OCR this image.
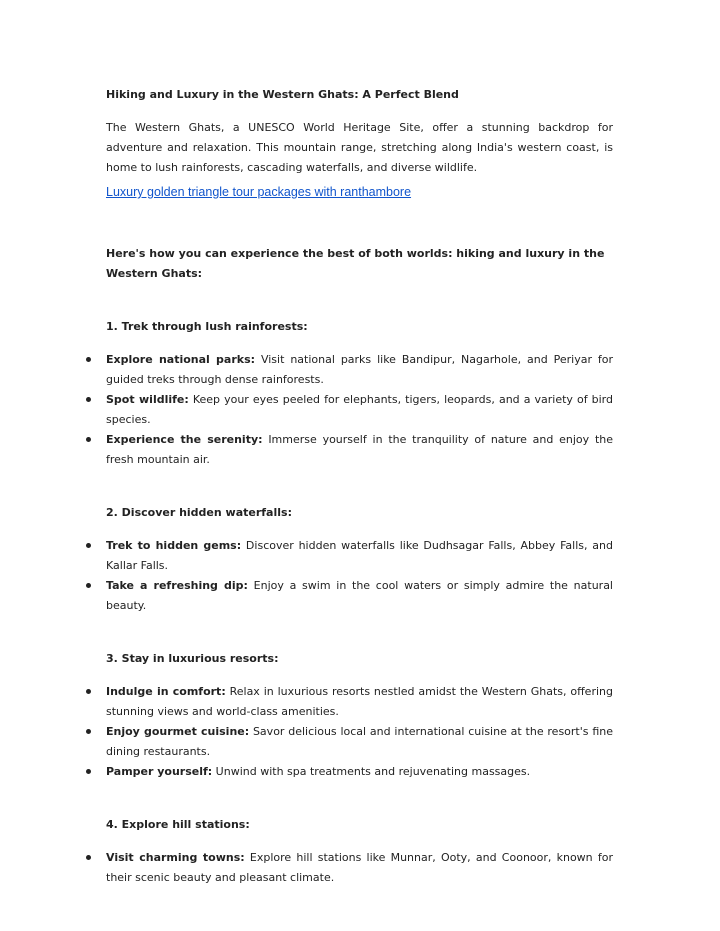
Hiking and Luxury in the Western Ghats: A Perfect Blend
The Western Ghats, a UNESCO World Heritage Site, offer a stunning backdrop for
adventure and relaxation. This mountain range, stretching along India's western coast, is
home to lush rainforests, cascading waterfalls, and diverse wildlife.
Luxury golden triangle tour packages with ranthambore
Here's how you can experience the best of both worlds: hiking and luxury in the Western Ghats:
1. Trek through lush rainforests:
Explore national parks: Visit national parks like Bandipur, Nagarhole, and Periyar for guided treks through dense rainforests.
Spot wildlife: Keep your eyes peeled for elephants, tigers, leopards, and a variety of bird species.
Experience the serenity: Immerse yourself in the tranquility of nature and enjoy the fresh mountain air.
2. Discover hidden waterfalls:
Trek to hidden gems: Discover hidden waterfalls like Dudhsagar Falls, Abbey Falls, and Kallar Falls.
Take a refreshing dip: Enjoy a swim in the cool waters or simply admire the natural beauty.
3. Stay in luxurious resorts:
Indulge in comfort: Relax in luxurious resorts nestled amidst the Western Ghats, offering stunning views and world-class amenities.
Enjoy gourmet cuisine: Savor delicious local and international cuisine at the resort's fine dining restaurants.
Pamper yourself: Unwind with spa treatments and rejuvenating massages.
4. Explore hill stations:
Visit charming towns: Explore hill stations like Munnar, Ooty, and Coonoor, known for their scenic beauty and pleasant climate.
